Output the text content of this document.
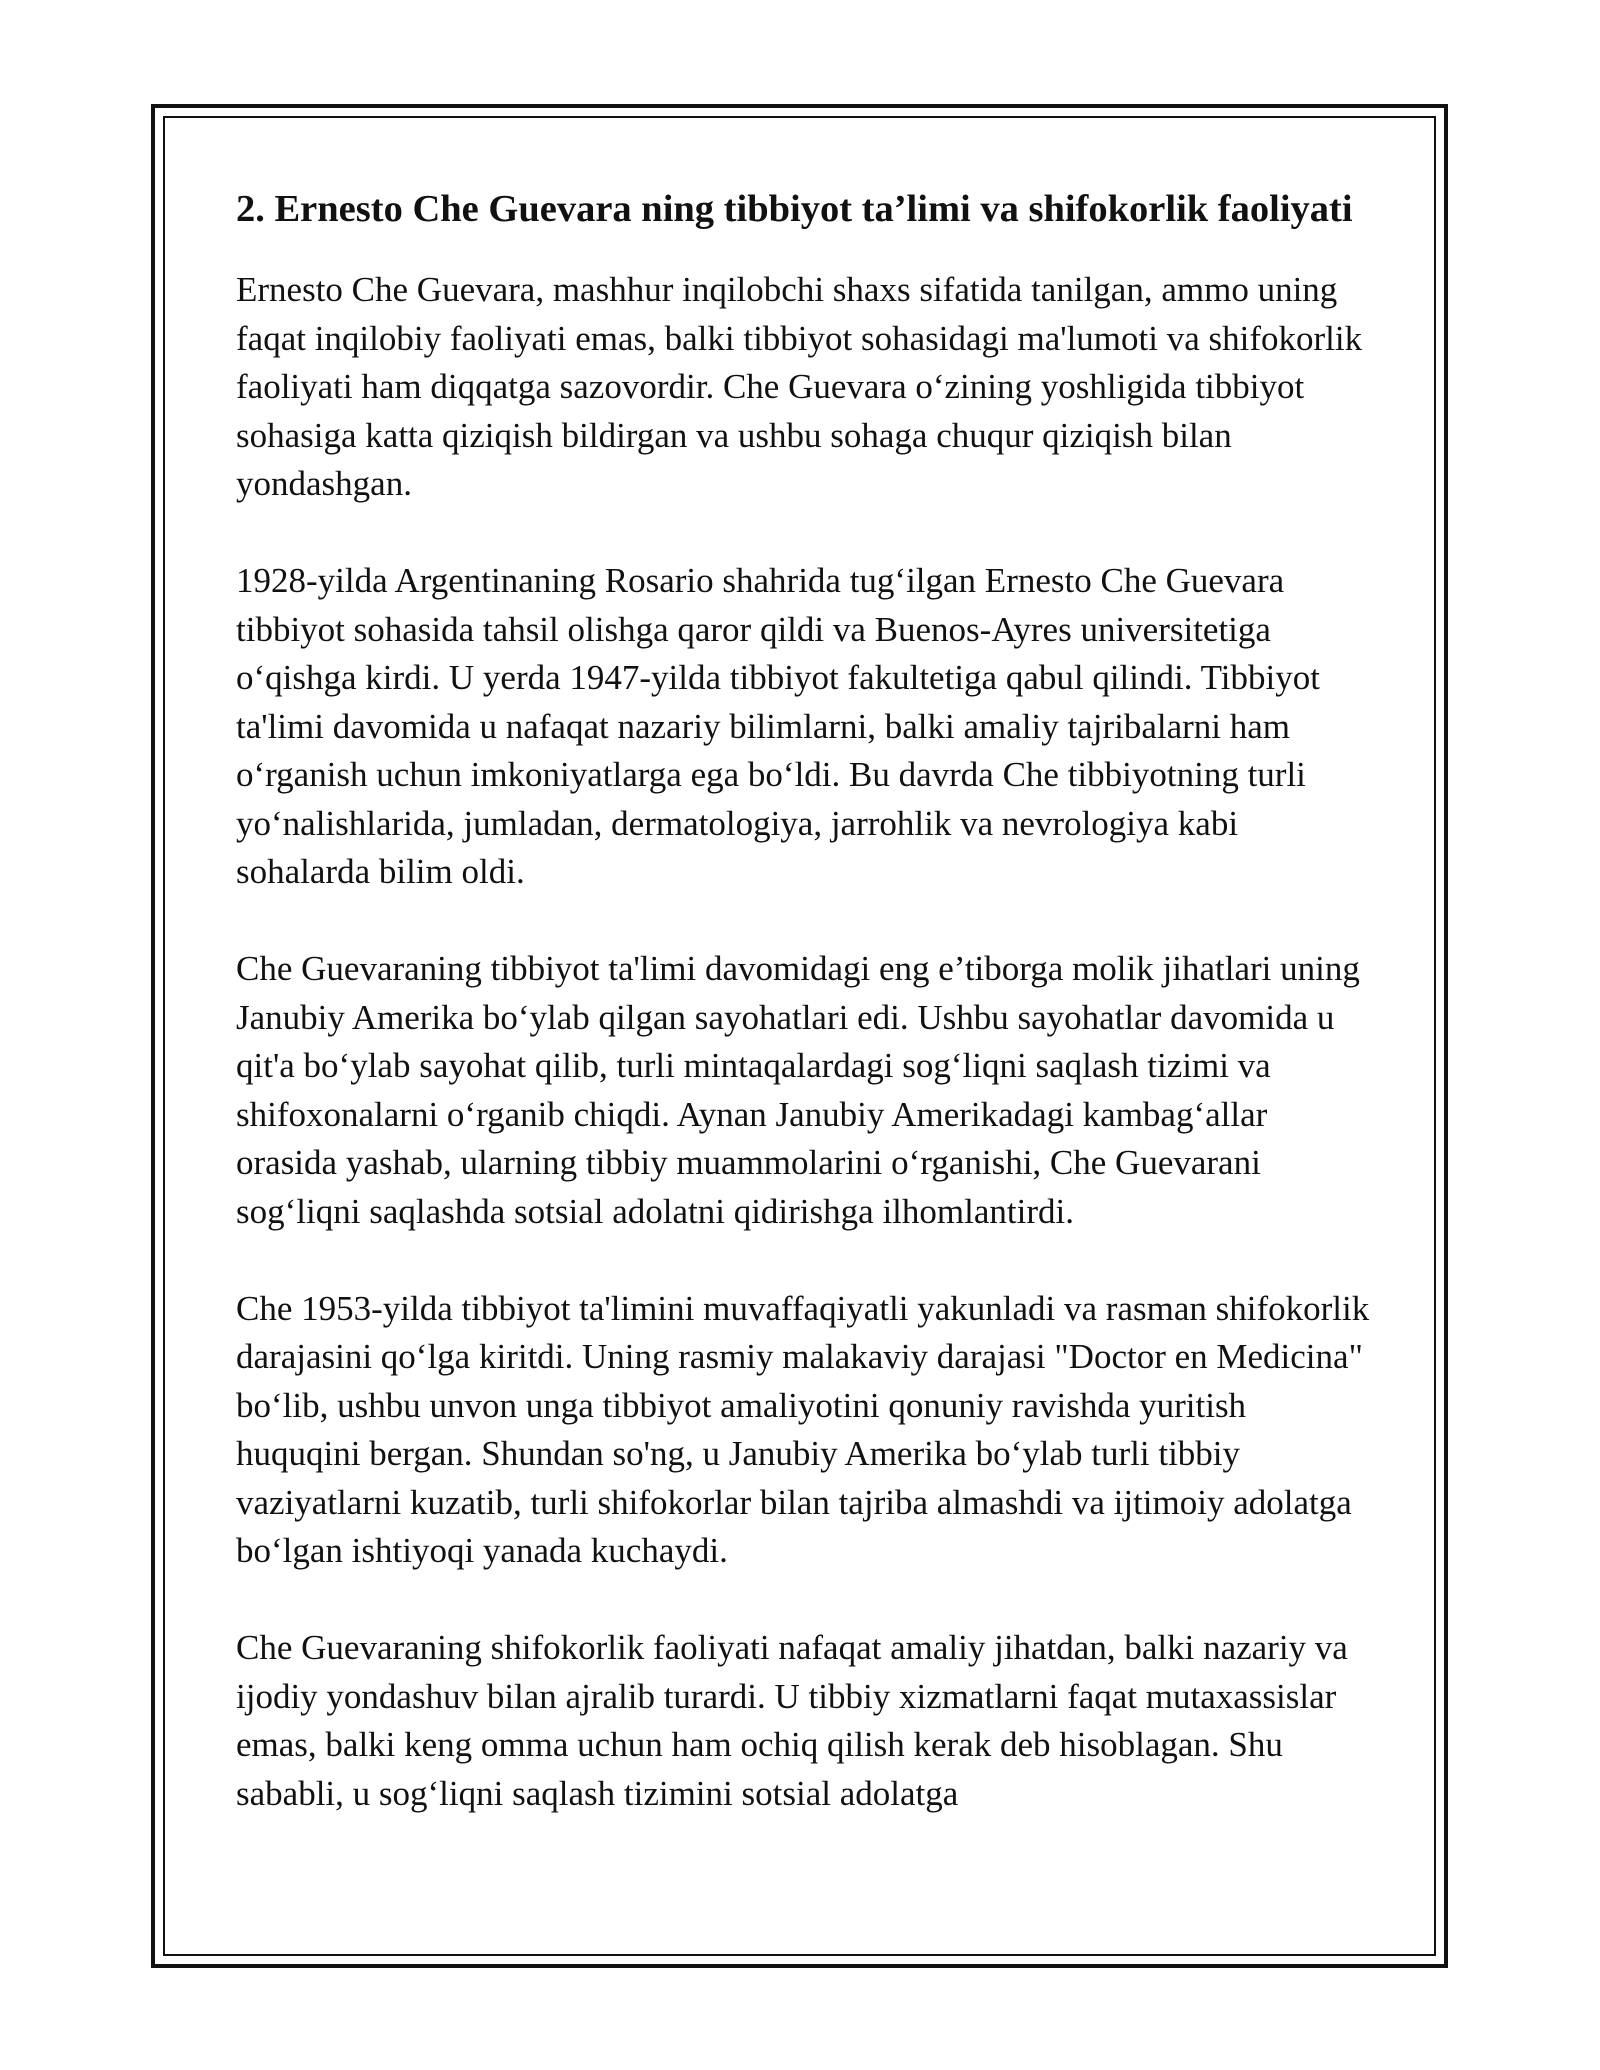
2. Ernesto Che Guevara ning tibbiyot ta’limi va shifokorlik faoliyati

Ernesto Che Guevara, mashhur inqilobchi shaxs sifatida tanilgan, ammo uning faqat inqilobiy faoliyati emas, balki tibbiyot sohasidagi ma'lumoti va shifokorlik faoliyati ham diqqatga sazovordir. Che Guevara o‘zining yoshligida tibbiyot sohasiga katta qiziqish bildirgan va ushbu sohaga chuqur qiziqish bilan yondashgan.

1928-yilda Argentinaning Rosario shahrida tug‘ilgan Ernesto Che Guevara tibbiyot sohasida tahsil olishga qaror qildi va Buenos-Ayres universitetiga o‘qishga kirdi. U yerda 1947-yilda tibbiyot fakultetiga qabul qilindi. Tibbiyot ta'limi davomida u nafaqat nazariy bilimlarni, balki amaliy tajribalarni ham o‘rganish uchun imkoniyatlarga ega bo‘ldi. Bu davrda Che tibbiyotning turli yo‘nalishlarida, jumladan, dermatologiya, jarrohlik va nevrologiya kabi sohalarda bilim oldi.

Che Guevaraning tibbiyot ta'limi davomidagi eng e’tiborga molik jihatlari uning Janubiy Amerika bo‘ylab qilgan sayohatlari edi. Ushbu sayohatlar davomida u qit'a bo‘ylab sayohat qilib, turli mintaqalardagi sog‘liqni saqlash tizimi va shifoxonalarni o‘rganib chiqdi. Aynan Janubiy Amerikadagi kambag‘allar orasida yashab, ularning tibbiy muammolarini o‘rganishi, Che Guevarani sog‘liqni saqlashda sotsial adolatni qidirishga ilhomlantirdi.

Che 1953-yilda tibbiyot ta'limini muvaffaqiyatli yakunladi va rasman shifokorlik darajasini qo‘lga kiritdi. Uning rasmiy malakaviy darajasi "Doctor en Medicina" bo‘lib, ushbu unvon unga tibbiyot amaliyotini qonuniy ravishda yuritish huquqini bergan. Shundan so'ng, u Janubiy Amerika bo‘ylab turli tibbiy vaziyatlarni kuzatib, turli shifokorlar bilan tajriba almashdi va ijtimoiy adolatga bo‘lgan ishtiyoqi yanada kuchaydi.

Che Guevaraning shifokorlik faoliyati nafaqat amaliy jihatdan, balki nazariy va ijodiy yondashuv bilan ajralib turardi. U tibbiy xizmatlarni faqat mutaxassislar emas, balki keng omma uchun ham ochiq qilish kerak deb hisoblagan. Shu sababli, u sog‘liqni saqlash tizimini sotsial adolatga
